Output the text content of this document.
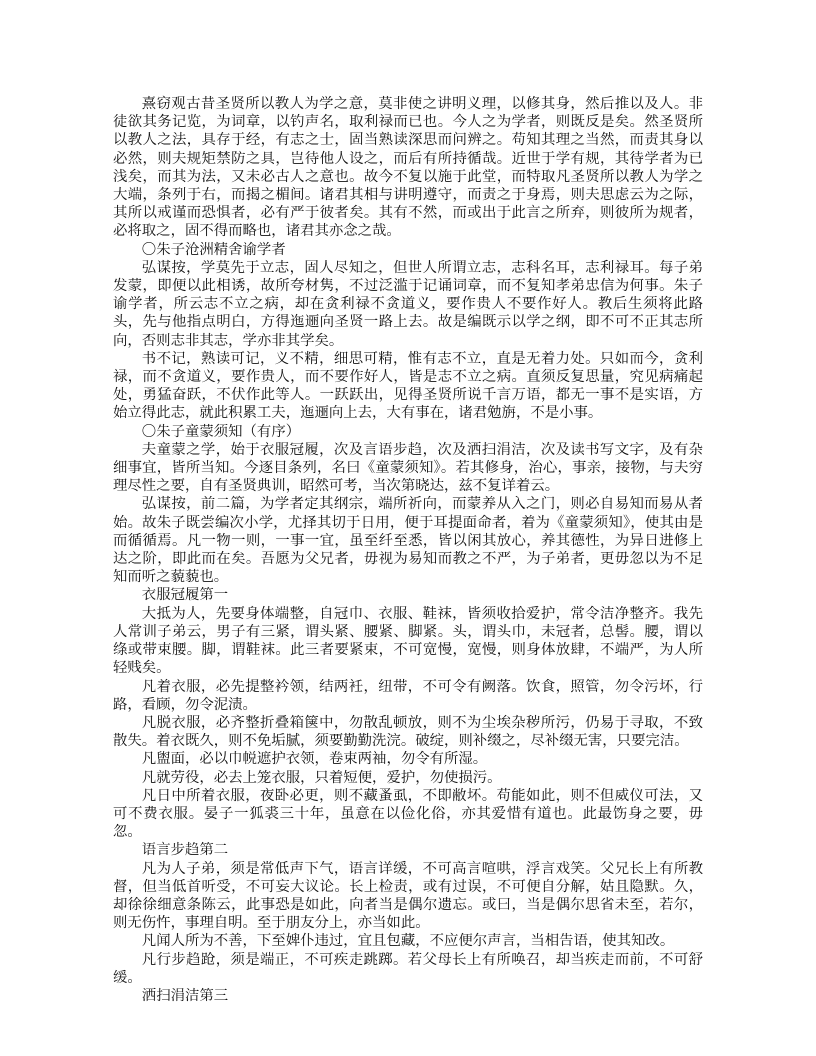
熹窃观古昔圣贤所以教人为学之意，莫非使之讲明义理，以修其身，然后推以及人。非徒欲其务记览，为词章，以钓声名，取利禄而已也。今人之为学者，则既反是矣。然圣贤所以教人之法，具存于经，有志之士，固当熟读深思而问辨之。苟知其理之当然，而责其身以必然，则夫规矩禁防之具，岂待他人设之，而后有所持循哉。近世于学有规，其待学者为已浅矣，而其为法，又未必古人之意也。故今不复以施于此堂，而特取凡圣贤所以教人为学之大端，条列于右，而揭之楣间。诸君其相与讲明遵守，而责之于身焉，则夫思虑云为之际，其所以戒谨而恐惧者，必有严于彼者矣。其有不然，而或出于此言之所弃，则彼所为规者，必将取之，固不得而略也，诸君其亦念之哉。

〇朱子沧洲精舍谕学者

弘谋按，学莫先于立志，固人尽知之，但世人所谓立志，志科名耳，志利禄耳。每子弟发蒙，即便以此相诱，故所夸材隽，不过泛滥于记诵词章，而不复知孝弟忠信为何事。朱子谕学者，所云志不立之病，却在贪利禄不贪道义，要作贵人不要作好人。教后生须将此路头，先与他指点明白，方得迤逦向圣贤一路上去。故是编既示以学之纲，即不可不正其志所向，否则志非其志，学亦非其学矣。

书不记，熟读可记，义不精，细思可精，惟有志不立，直是无着力处。只如而今，贪利禄，而不贪道义，要作贵人，而不要作好人，皆是志不立之病。直须反复思量，究见病痛起处，勇猛奋跃，不伏作此等人。一跃跃出，见得圣贤所说千言万语，都无一事不是实语，方始立得此志，就此积累工夫，迤逦向上去，大有事在，诸君勉旃，不是小事。

〇朱子童蒙须知（有序）

夫童蒙之学，始于衣服冠履，次及言语步趋，次及洒扫涓洁，次及读书写文字，及有杂细事宜，皆所当知。今逐目条列，名曰《童蒙须知》。若其修身，治心，事亲，接物，与夫穷理尽性之要，自有圣贤典训，昭然可考，当次第晓达，兹不复详着云。

弘谋按，前二篇，为学者定其纲宗，端所祈向，而蒙养从入之门，则必自易知而易从者始。故朱子既尝编次小学，尤择其切于日用，便于耳提面命者，着为《童蒙须知》，使其由是而循循焉。凡一物一则，一事一宜，虽至纤至悉，皆以闲其放心，养其德性，为异日进修上达之阶，即此而在矣。吾愿为父兄者，毋视为易知而教之不严，为子弟者，更毋忽以为不足知而听之藐藐也。

衣服冠履第一

大抵为人，先要身体端整，自冠巾、衣服、鞋袜，皆须收拾爱护，常令洁净整齐。我先人常训子弟云，男子有三紧，谓头紧、腰紧、脚紧。头，谓头巾，未冠者，总髻。腰，谓以绦或带束腰。脚，谓鞋袜。此三者要紧束，不可宽慢，宽慢，则身体放肆，不端严，为人所轻贱矣。

凡着衣服，必先提整衿领，结两衽，纽带，不可令有阙落。饮食，照管，勿令污坏，行路，看顾，勿令泥渍。

凡脱衣服，必齐整折叠箱箧中，勿散乱顿放，则不为尘埃杂秽所污，仍易于寻取，不致散失。着衣既久，则不免垢腻，须要勤勤洗浣。破绽，则补缀之，尽补缀无害，只要完洁。

凡盥面，必以巾帨遮护衣领，卷束两袖，勿令有所湿。

凡就劳役，必去上笼衣服，只着短便，爱护，勿使损污。

凡日中所着衣服，夜卧必更，则不藏蚤虱，不即敝坏。苟能如此，则不但威仪可法，又可不费衣服。晏子一狐裘三十年，虽意在以俭化俗，亦其爱惜有道也。此最饬身之要，毋忽。

语言步趋第二

凡为人子弟，须是常低声下气，语言详缓，不可高言喧哄，浮言戏笑。父兄长上有所教督，但当低首听受，不可妄大议论。长上检责，或有过误，不可便自分解，姑且隐默。久，却徐徐细意条陈云，此事恐是如此，向者当是偶尔遗忘。或曰，当是偶尔思省未至，若尔，则无伤忤，事理自明。至于朋友分上，亦当如此。

凡闻人所为不善，下至婢仆违过，宜且包藏，不应便尔声言，当相告语，使其知改。

凡行步趋跄，须是端正，不可疾走跳踯。若父母长上有所唤召，却当疾走而前，不可舒缓。

洒扫涓洁第三
